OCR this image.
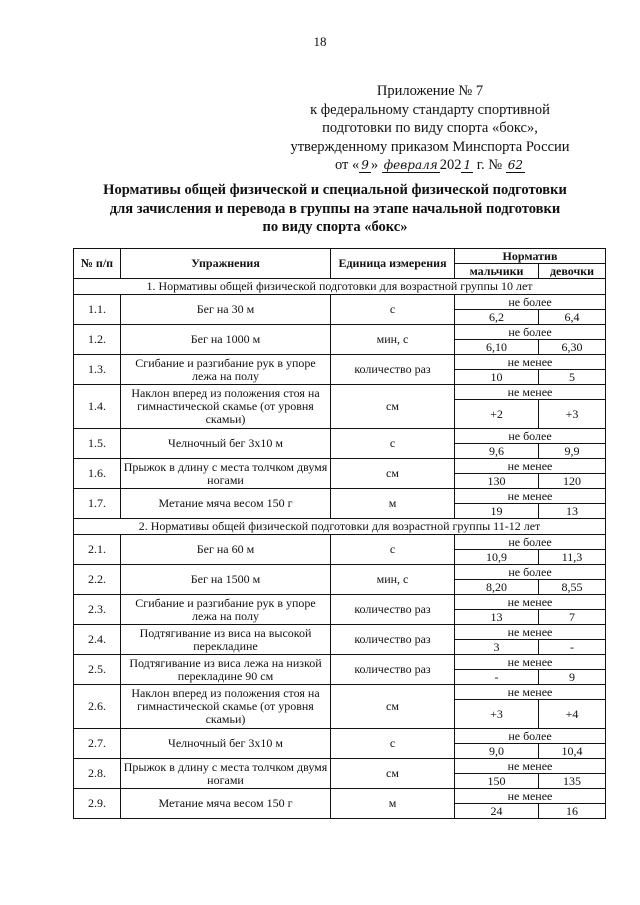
18
Приложение № 7
к федеральному стандарту спортивной
подготовки по виду спорта «бокс»,
утвержденному приказом Минспорта России
от « 9 » февраля 202 1 г. № 62
Нормативы общей физической и специальной физической подготовки
для зачисления и перевода в группы на этапе начальной подготовки
по виду спорта «бокс»
№ п/п	Упражнения	Единица измерения	Норматив	
			мальчики	девочки
1. Нормативы общей физической подготовки для возрастной группы 10 лет				
1.1.	Бег на 30 м	с	не более	
			6,2	6,4
1.2.	Бег на 1000 м	мин, с	не более	
			6,10	6,30
1.3.	Сгибание и разгибание рук в упоре лежа на полу	количество раз	не менее	
			10	5
1.4.	Наклон вперед из положения стоя на гимнастической скамье (от уровня скамьи)	см	не менее	
			+2	+3
1.5.	Челночный бег 3х10 м	с	не более	
			9,6	9,9
1.6.	Прыжок в длину с места толчком двумя ногами	см	не менее	
			130	120
1.7.	Метание мяча весом 150 г	м	не менее	
			19	13
2. Нормативы общей физической подготовки для возрастной группы 11-12 лет				
2.1.	Бег на 60 м	с	не более	
			10,9	11,3
2.2.	Бег на 1500 м	мин, с	не более	
			8,20	8,55
2.3.	Сгибание и разгибание рук в упоре лежа на полу	количество раз	не менее	
			13	7
2.4.	Подтягивание из виса на высокой перекладине	количество раз	не менее	
			3	-
2.5.	Подтягивание из виса лежа на низкой перекладине 90 см	количество раз	не менее	
			-	9
2.6.	Наклон вперед из положения стоя на гимнастической скамье (от уровня скамьи)	см	не менее	
			+3	+4
2.7.	Челночный бег 3х10 м	с	не более	
			9,0	10,4
2.8.	Прыжок в длину с места толчком двумя ногами	см	не менее	
			150	135
2.9.	Метание мяча весом 150 г	м	не менее	
			24	16
